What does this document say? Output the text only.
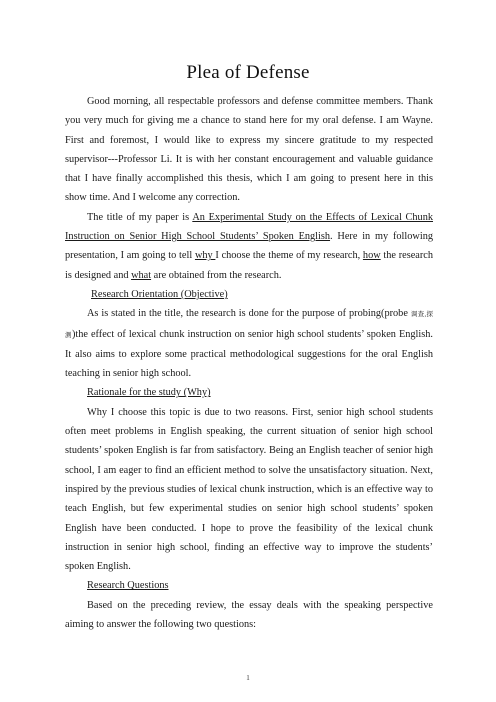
Plea of Defense

Good morning, all respectable professors and defense committee members. Thank you very much for giving me a chance to stand here for my oral defense. I am Wayne. First and foremost, I would like to express my sincere gratitude to my respected supervisor---Professor Li. It is with her constant encouragement and valuable guidance that I have finally accomplished this thesis, which I am going to present here in this show time. And I welcome any correction.

The title of my paper is An Experimental Study on the Effects of Lexical Chunk Instruction on Senior High School Students’ Spoken English. Here in my following presentation, I am going to tell why I choose the theme of my research, how the research is designed and what are obtained from the research.

Research Orientation (Objective)

As is stated in the title, the research is done for the purpose of probing(probe 调查,探测)the effect of lexical chunk instruction on senior high school students’ spoken English. It also aims to explore some practical methodological suggestions for the oral English teaching in senior high school.

Rationale for the study (Why)

Why I choose this topic is due to two reasons. First, senior high school students often meet problems in English speaking, the current situation of senior high school students’ spoken English is far from satisfactory. Being an English teacher of senior high school, I am eager to find an efficient method to solve the unsatisfactory situation. Next, inspired by the previous studies of lexical chunk instruction, which is an effective way to teach English, but few experimental studies on senior high school students’ spoken English have been conducted. I hope to prove the feasibility of the lexical chunk instruction in senior high school, finding an effective way to improve the students’ spoken English.

Research Questions

Based on the preceding review, the essay deals with the speaking perspective aiming to answer the following two questions:

1
